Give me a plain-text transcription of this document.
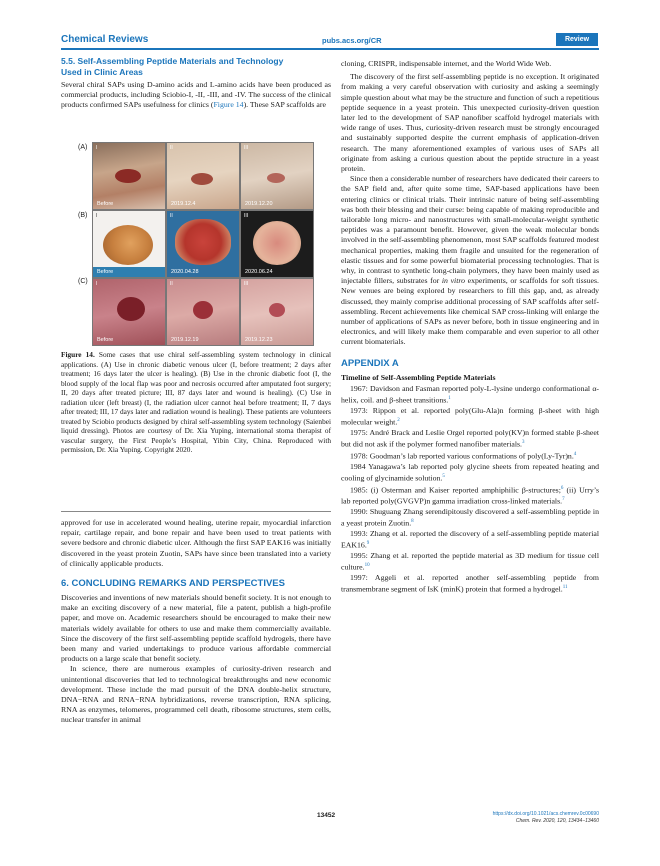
Chemical Reviews	pubs.acs.org/CR	Review
5.5. Self-Assembling Peptide Materials and Technology
Used in Clinic Areas

Several chiral SAPs using D-amino acids and L-amino acids have been produced as commercial products, including Sciobio-I, -II, -III, and -IV. The success of the clinical products confirmed SAPs usefulness for clinics (Figure 14). These SAP scaffolds are

(A)
(B)
(C)
I
Before
II
2019.12.4
III
2019.12.20
I
Before
II
2020.04.28
III
2020.06.24
I
Before
II
2019.12.19
III
2019.12.23
Figure 14. Some cases that use chiral self-assembling system technology in clinical applications. (A) Use in chronic diabetic venous ulcer (I, before treatment; 2 days after treatment; 16 days later the ulcer is healing). (B) Use in the chronic diabetic foot (I, the blood supply of the local flap was poor and necrosis occurred after amputated foot surgery; II, 20 days after treated picture; III, 87 days later and wound is healing). (C) Use in radiation ulcer (left breast) (I, the radiation ulcer cannot heal before treatment; II, 7 days after treated; III, 17 days later and radiation wound is healing). These patients are volunteers treated by Sciobio products designed by chiral self-assembling system technology (Saienbei liquid dressing). Photos are courtesy of Dr. Xia Yuping, international stoma therapist of vascular surgery, the First People’s Hospital, Yibin City, China. Reproduced with permission, Dr. Xia Yuping. Copyright 2020.

approved for use in accelerated wound healing, uterine repair, myocardial infarction repair, cartilage repair, and bone repair and have been used to treat patients with severe bedsore and chronic diabetic ulcer. Although the first SAP EAK16 was initially discovered in the yeast protein Zuotin, SAPs have since been translated into a variety of clinically applicable products.

6. CONCLUDING REMARKS AND PERSPECTIVES

Discoveries and inventions of new materials should benefit society. It is not enough to make an exciting discovery of a new material, file a patent, publish a high-profile paper, and move on. Academic researchers should be encouraged to make their new materials widely available for others to use and make them commercially available. Since the discovery of the first self-assembling peptide scaffold hydrogels, there have been many and varied undertakings to produce various affordable commercial products on a large scale that benefit society.

In science, there are numerous examples of curiosity-driven research and unintentional discoveries that led to technological breakthroughs and new economic development. These include the mad pursuit of the DNA double-helix structure, DNA−RNA and RNA−RNA hybridizations, reverse transcription, RNA splicing, RNA as enzymes, telomeres, programmed cell death, ribosome structures, stem cells, nuclear transfer in animal

cloning, CRISPR, indispensable internet, and the World Wide Web.

The discovery of the first self-assembling peptide is no exception. It originated from making a very careful observation with curiosity and asking a seemingly simple question about what may be the structure and function of such a repetitious peptide sequence in a yeast protein. This unexpected curiosity-driven question later led to the development of SAP nanofiber scaffold hydrogel materials with wide range of uses. Thus, curiosity-driven research must be strongly encouraged and sustainably supported despite the current emphasis of application-driven research. The many aforementioned examples of various uses of SAPs all originate from asking a curious question about the peptide structure in a yeast protein.

Since then a considerable number of researchers have dedicated their careers to the SAP field and, after quite some time, SAP-based applications have been entering clinics or clinical trials. Their intrinsic nature of being self-assembling was both their blessing and their curse: being capable of making reproducible and tailorable long micro- and nanostructures with small-molecular-weight synthetic peptides was a paramount benefit. However, given the weak molecular bonds involved in the self-assembling phenomenon, most SAP scaffolds featured modest mechanical properties, making them fragile and unsuited for the regeneration of elastic tissues and for some powerful biomaterial processing technologies. That is why, in contrast to synthetic long-chain polymers, they have been mainly used as injectable fillers, substrates for in vitro experiments, or scaffolds for soft tissues. New venues are being explored by researchers to fill this gap, and, as already discussed, they mainly comprise additional processing of SAP scaffolds after self-assembling. Recent achievements like chemical SAP cross-linking will enlarge the number of applications of SAPs as never before, both in tissue engineering and in electronics, and will likely make them comparable and even superior to all other current biomaterials.

APPENDIX A
Timeline of Self-Assembling Peptide Materials

1967: Davidson and Fasman reported poly-L-lysine undergo conformational α-helix, coil. and β-sheet transitions.$^1$

1973: Rippon et al. reported poly(Glu-Ala)n forming β-sheet with high molecular weight.$^2$

1975: André Brack and Leslie Orgel reported poly(KV)n formed stable β-sheet but did not ask if the polymer formed nanofiber materials.$^3$

1978: Goodman’s lab reported various conformations of poly(Ly-Tyr)n.$^4$

1984 Yanagawa’s lab reported poly glycine sheets from repeated heating and cooling of glycinamide solution.$^5$

1985: (i) Osterman and Kaiser reported amphiphilic β-structures;$^6$ (ii) Urry’s lab reported poly(GVGVP)n gamma irradiation cross-linked materials.$^7$

1990: Shuguang Zhang serendipitously discovered a self-assembling peptide in a yeast protein Zuotin.$^8$

1993: Zhang et al. reported the discovery of a self-assembling peptide material EAK16.$^9$

1995: Zhang et al. reported the peptide material as 3D medium for tissue cell culture.$^{10}$

1997: Aggeli et al. reported another self-assembling peptide from transmembrane segment of IsK (minK) protein that formed a hydrogel.$^{11}$

13452	https://dx.doi.org/10.1021/acs.chemrev.0c00690
Chem. Rev. 2020, 120, 13434−13460
